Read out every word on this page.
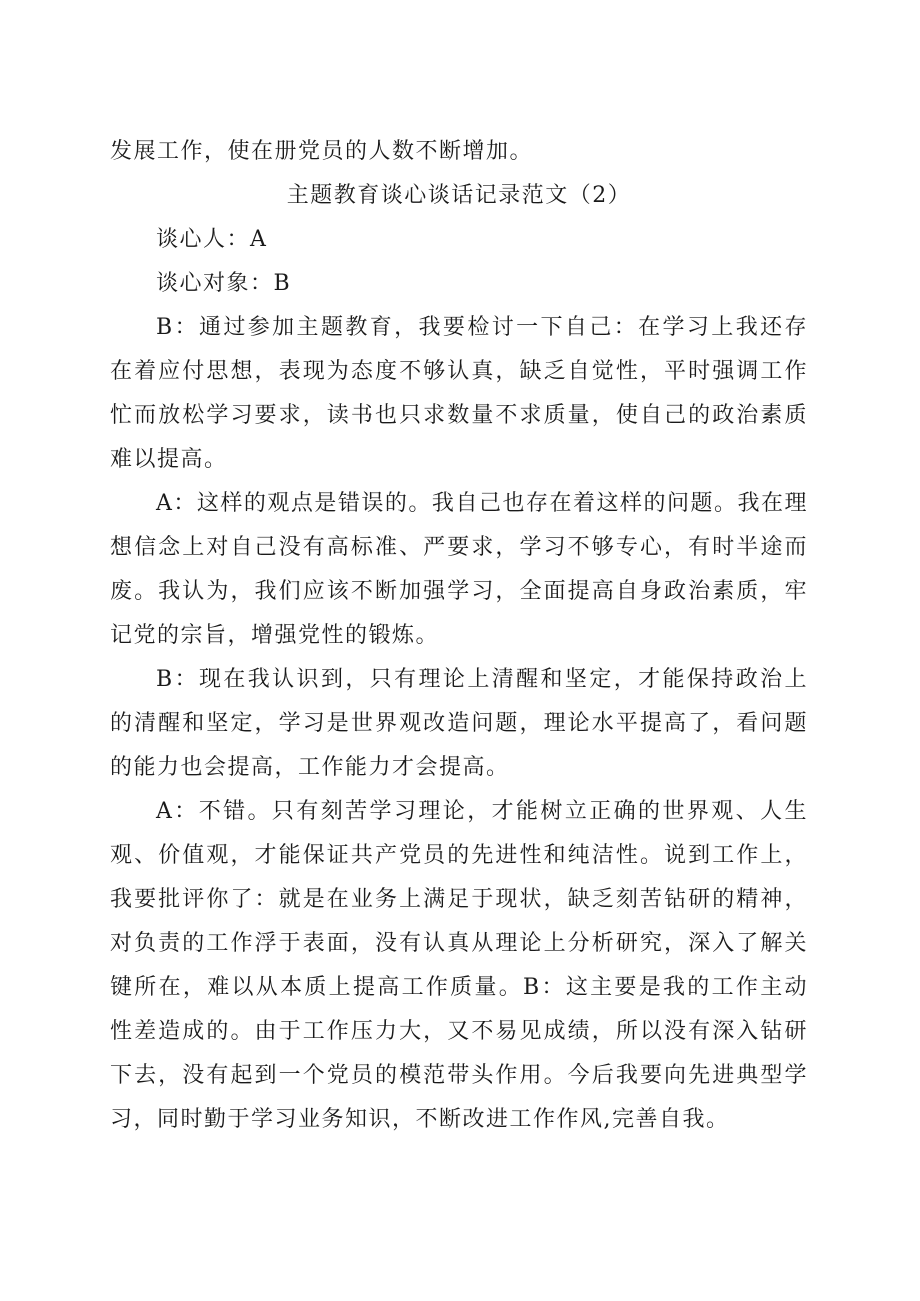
发展工作，使在册党员的人数不断增加。

主题教育谈心谈话记录范文（2）

谈心人：A

谈心对象：B

B：通过参加主题教育，我要检讨一下自己：在学习上我还存在着应付思想，表现为态度不够认真，缺乏自觉性，平时强调工作忙而放松学习要求，读书也只求数量不求质量，使自己的政治素质难以提高。

A：这样的观点是错误的。我自己也存在着这样的问题。我在理想信念上对自己没有高标准、严要求，学习不够专心，有时半途而废。我认为，我们应该不断加强学习，全面提高自身政治素质，牢记党的宗旨，增强党性的锻炼。

B：现在我认识到，只有理论上清醒和坚定，才能保持政治上的清醒和坚定，学习是世界观改造问题，理论水平提高了，看问题的能力也会提高，工作能力才会提高。

A：不错。只有刻苦学习理论，才能树立正确的世界观、人生观、价值观，才能保证共产党员的先进性和纯洁性。说到工作上，我要批评你了：就是在业务上满足于现状，缺乏刻苦钻研的精神，对负责的工作浮于表面，没有认真从理论上分析研究，深入了解关键所在，难以从本质上提高工作质量。B：这主要是我的工作主动性差造成的。由于工作压力大，又不易见成绩，所以没有深入钻研下去，没有起到一个党员的模范带头作用。今后我要向先进典型学习，同时勤于学习业务知识，不断改进工作作风,完善自我。
